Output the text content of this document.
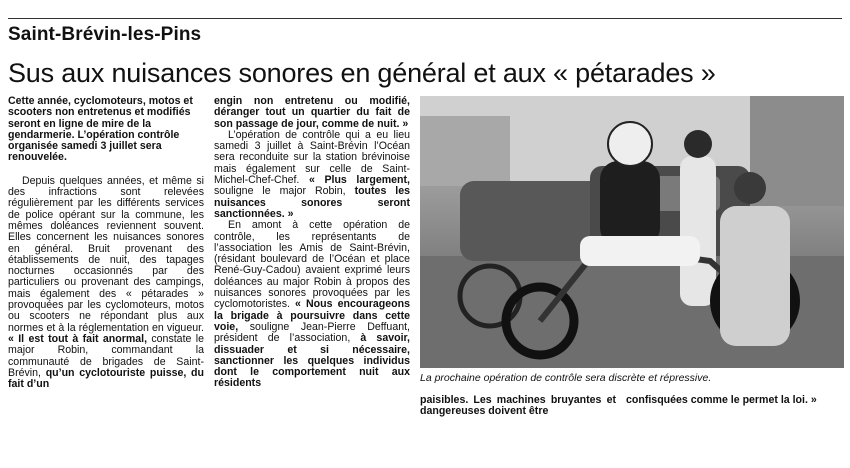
Saint-Brévin-les-Pins
Sus aux nuisances sonores en général et aux « pétarades »

Cette année, cyclomoteurs, motos et scooters non entretenus et modifiés seront en ligne de mire de la gendarmerie. L’opération contrôle organisée samedi 3 juillet sera renouvelée.

Depuis quelques années, et même si des infractions sont relevées régulièrement par les différents services de police opérant sur la commune, les mêmes doléances reviennent souvent. Elles concernent les nuisances sonores en général. Bruit provenant des établissements de nuit, des tapages nocturnes occasionnés par des particuliers ou provenant des campings, mais également des « pétarades » provoquées par les cyclomoteurs, motos ou scooters ne répondant plus aux normes et à la réglementation en vigueur. « Il est tout à fait anormal, constate le major Robin, commandant la communauté de brigades de Saint-Brévin, qu’un cyclotouriste puisse, du fait d’un

engin non entretenu ou modifié, déranger tout un quartier du fait de son passage de jour, comme de nuit. »

L’opération de contrôle qui a eu lieu samedi 3 juillet à Saint-Brévin l’Océan sera reconduite sur la station brévinoise mais également sur celle de Saint-Michel-Chef-Chef. « Plus largement, souligne le major Robin, toutes les nuisances sonores seront sanctionnées. »

En amont à cette opération de contrôle, les représentants de l’association les Amis de Saint-Brévin, (résidant boulevard de l’Océan et place René-Guy-Cadou) avaient exprimé leurs doléances au major Robin à propos des nuisances sonores provoquées par les cyclomotoristes. « Nous encourageons la brigade à poursuivre dans cette voie, souligne Jean-Pierre Deffuant, président de l’association, à savoir, dissuader et si nécessaire, sanctionner les quelques individus dont le comportement nuit aux résidents	La prochaine opération de contrôle sera discrète et répressive.

paisibles. Les machines bruyantes et dangereuses doivent être

confisquées comme le permet la loi. »
